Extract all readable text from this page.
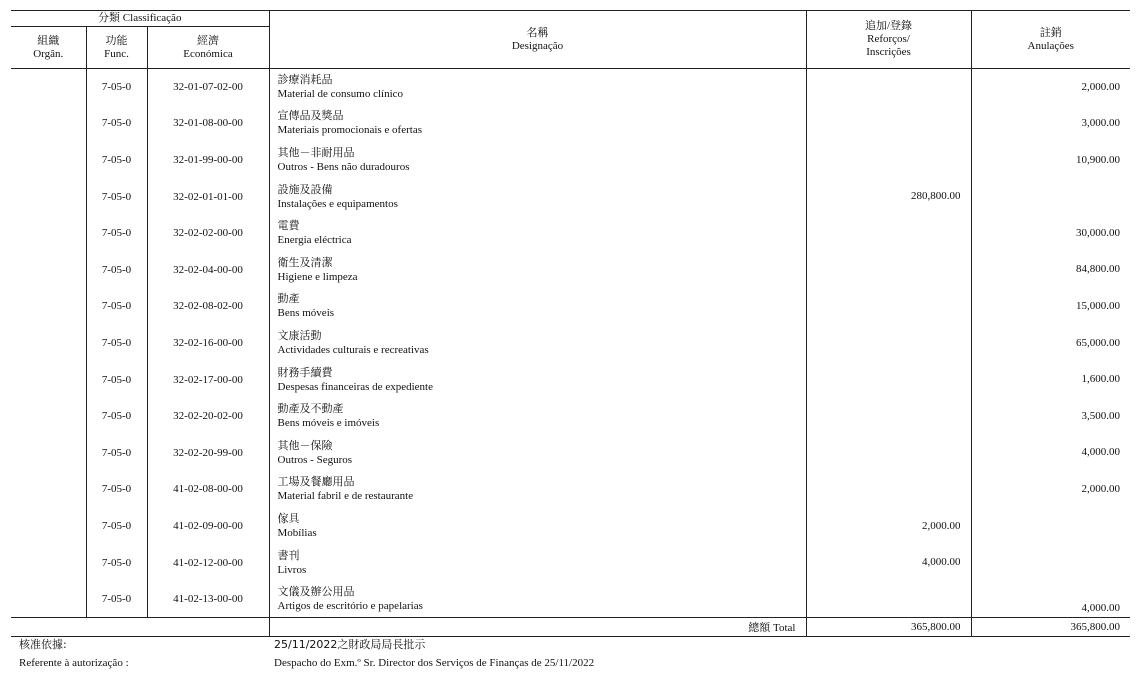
分類 Classificação			名稱
Designação	追加/登錄
Reforços/
Inscrições	註銷
Anulações
組織
Orgân.	功能
Func.	經濟
Económica			
	7-05-0	32-01-07-02-00	診療消耗品
Material de consumo clínico		2,000.00
	7-05-0	32-01-08-00-00	宣傳品及獎品
Materiais promocionais e ofertas		3,000.00
	7-05-0	32-01-99-00-00	其他－非耐用品
Outros - Bens não duradouros		10,900.00
	7-05-0	32-02-01-01-00	設施及設備
Instalações e equipamentos	280,800.00	
	7-05-0	32-02-02-00-00	電費
Energia eléctrica		30,000.00
	7-05-0	32-02-04-00-00	衛生及清潔
Higiene e limpeza		84,800.00
	7-05-0	32-02-08-02-00	動產
Bens móveis		15,000.00
	7-05-0	32-02-16-00-00	文康活動
Actividades culturais e recreativas		65,000.00
	7-05-0	32-02-17-00-00	財務手續費
Despesas financeiras de expediente		1,600.00
	7-05-0	32-02-20-02-00	動產及不動產
Bens móveis e imóveis		3,500.00
	7-05-0	32-02-20-99-00	其他－保險
Outros - Seguros		4,000.00
	7-05-0	41-02-08-00-00	工場及餐廳用品
Material fabril e de restaurante		2,000.00
	7-05-0	41-02-09-00-00	傢具
Mobílias	2,000.00	
	7-05-0	41-02-12-00-00	書刊
Livros	4,000.00	
	7-05-0	41-02-13-00-00	文儀及辦公用品
Artigos de escritório e papelarias		4,000.00
			總額 Total	365,800.00	365,800.00
核准依據:	25/11/2022之財政局局長批示
Referente à autorização :	Despacho do Exm.º Sr. Director dos Serviços de Finanças de 25/11/2022
